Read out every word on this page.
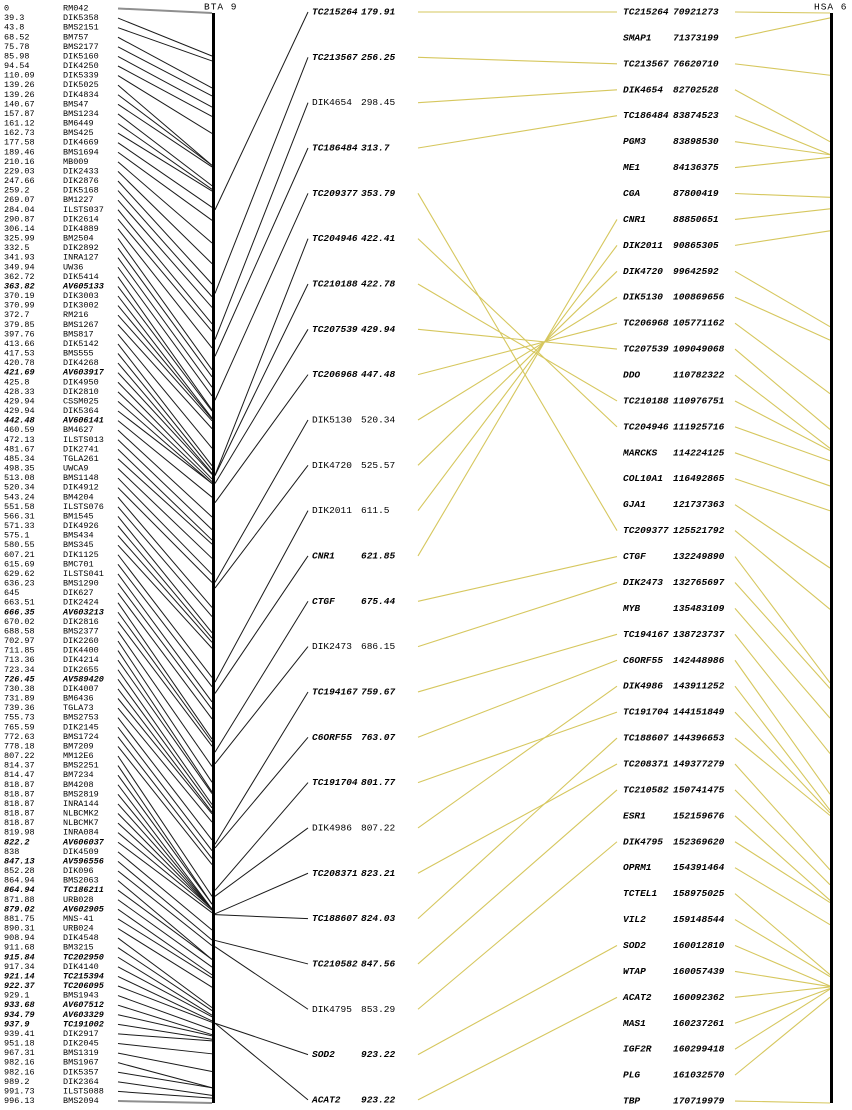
0	RM042
39.3	DIK5358
43.8	BMS2151
68.52	BM757
75.78	BMS2177
85.98	DIK5160
94.54	DIK4250
110.09	DIK5339
139.26	DIK5025
139.26	DIK4834
140.67	BMS47
157.87	BMS1234
161.12	BM6449
162.73	BMS425
177.58	DIK4669
189.46	BMS1694
210.16	MB009
229.03	DIK2433
247.66	DIK2876
259.2	DIK5168
269.07	BM1227
284.04	ILSTS037
290.87	DIK2614
306.14	DIK4889
325.99	BM2504
332.5	DIK2892
341.93	INRA127
349.94	UW36
362.72	DIK5414
363.82	AV605133
370.19	DIK3003
370.99	DIK3002
372.7	RM216
379.85	BMS1267
397.76	BMS817
413.66	DIK5142
417.53	BMS555
420.78	DIK4268
421.69	AV603917
425.8	DIK4950
428.33	DIK2810
429.94	CSSM025
429.94	DIK5364
442.48	AV606141
460.59	BM4627
472.13	ILSTS013
481.67	DIK2741
485.34	TGLA261
498.35	UWCA9
513.08	BMS1148
520.34	DIK4912
543.24	BM4204
551.58	ILSTS076
566.31	BM1545
571.33	DIK4926
575.1	BMS434
580.55	BMS345
607.21	DIK1125
615.69	BMC701
629.62	ILSTS041
636.23	BMS1290
645	DIK627
663.51	DIK2424
666.35	AV603213
670.02	DIK2816
688.58	BMS2377
702.97	DIK2260
711.85	DIK4400
713.36	DIK4214
723.34	DIK2655
726.45	AV589420
730.38	DIK4007
731.89	BM6436
739.36	TGLA73
755.73	BMS2753
765.59	DIK2145
772.63	BMS1724
778.18	BM7209
807.22	MM12E6
814.37	BMS2251
814.47	BM7234
818.87	BM4208
818.87	BMS2819
818.87	INRA144
818.87	NLBCMK2
818.87	NLBCMK7
819.98	INRA084
822.2	AV606037
838	DIK4509
847.13	AV596556
852.28	DIK096
864.94	BMS2063
864.94	TC186211
871.88	URB028
879.02	AV602905
881.75	MNS-41
890.31	URB024
908.94	DIK4548
911.68	BM3215
915.84	TC202950
917.34	DIK4140
921.14	TC215394
922.37	TC206095
929.1	BMS1943
933.68	AV607512
934.79	AV603329
937.9	TC191002
939.41	DIK2917
951.18	DIK2045
967.31	BMS1319
982.16	BMS1967
982.16	DIK5357
989.2	DIK2364
991.73	ILSTS088
996.13	BMS2094
TC215264 179.91
TC213567 256.25
DIK4654 298.45
TC186484 313.7
TC209377 353.79
TC204946 422.41
TC210188 422.78
TC207539 429.94
TC206968 447.48
DIK5130 520.34
DIK4720 525.57
DIK2011 611.5
CNR1	621.85
CTGF	675.44
DIK2473 686.15
TC194167 759.67
C6ORF55 763.07
TC191704 801.77
DIK4986 807.22
TC208371 823.21
TC188607 824.03
TC210582 847.56
DIK4795 853.29
SOD2	923.22
ACAT2 923.22
TC215264 70921273
SMAP1 71373199
TC213567 76620710
DIK4654 82702528
TC186484 83874523
PGM3	83898530
ME1	84136375
CGA	87800419
CNR1	88850651
DIK2011 90865305
DIK4720 99642592
DIK5130 100869656
TC206968 105771162
TC207539 109049068
DDO	110782322
TC210188 110976751
TC204946 111925716
MARCKS 114224125
COL10A1 116492865
GJA1	121737363
TC209377 125521792
CTGF	132249890
DIK2473 132765697
MYB	135483109
TC194167 138723737
C6ORF55 142448986
DIK4986 143911252
TC191704 144151849
TC188607 144396653
TC208371 149377279
TC210582 150741475
ESR1	152159676
DIK4795 152369620
OPRM1 154391464
TCTEL1 158975025
VIL2	159148544
SOD2	160012810
WTAP	160057439
ACAT2 160092362
MAS1	160237261
IGF2R 160299418
PLG	161032570
TBP	170719979
BTA 9	HSA 6
